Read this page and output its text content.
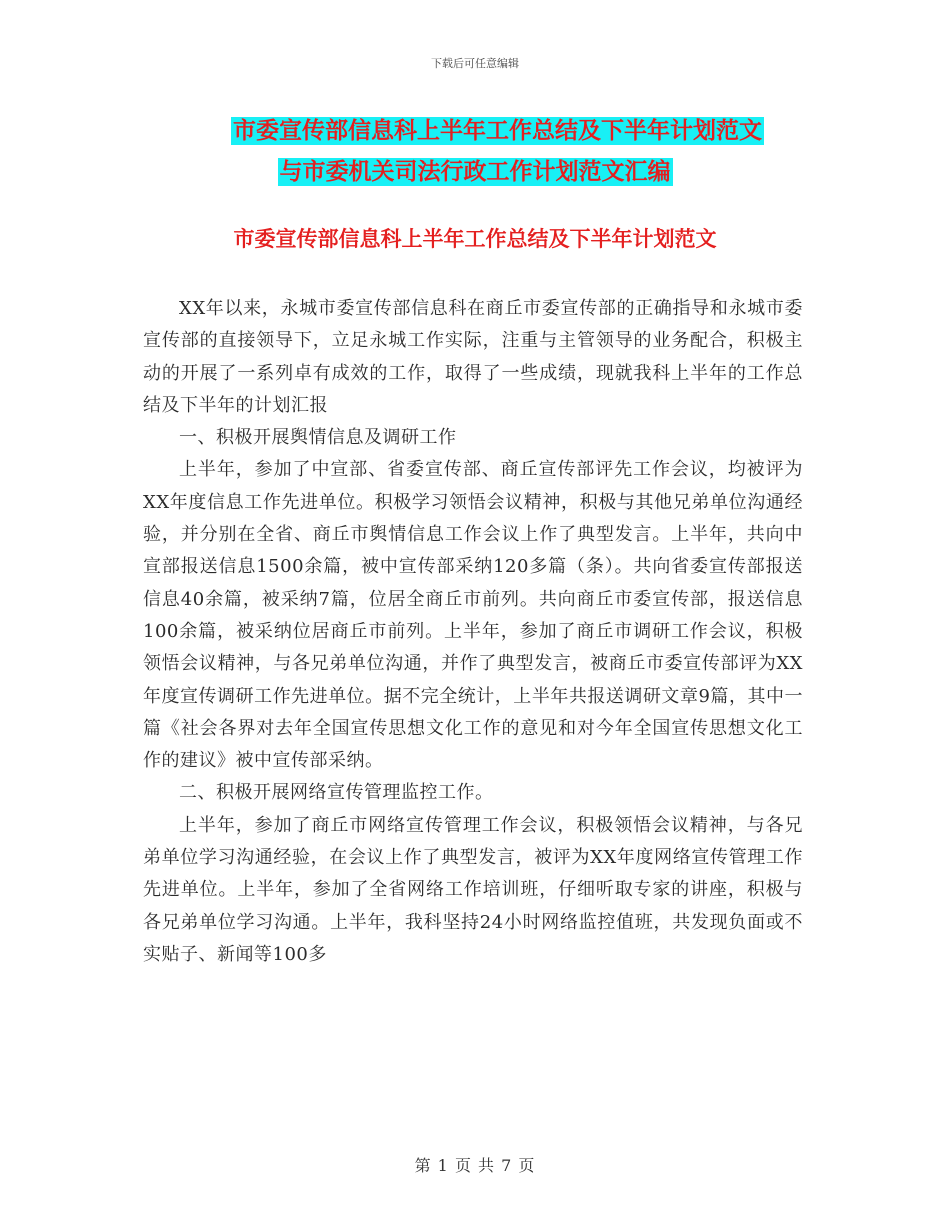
下载后可任意编辑
市委宣传部信息科上半年工作总结及下半年计划范文
与市委机关司法行政工作计划范文汇编
市委宣传部信息科上半年工作总结及下半年计划范文

XX年以来，永城市委宣传部信息科在商丘市委宣传部的正确指导和永城市委宣传部的直接领导下，立足永城工作实际，注重与主管领导的业务配合，积极主动的开展了一系列卓有成效的工作，取得了一些成绩，现就我科上半年的工作总结及下半年的计划汇报

一、积极开展舆情信息及调研工作

上半年，参加了中宣部、省委宣传部、商丘宣传部评先工作会议，均被评为XX年度信息工作先进单位。积极学习领悟会议精神，积极与其他兄弟单位沟通经验，并分别在全省、商丘市舆情信息工作会议上作了典型发言。上半年，共向中宣部报送信息1500余篇，被中宣传部采纳120多篇（条）。共向省委宣传部报送信息40余篇，被采纳7篇，位居全商丘市前列。共向商丘市委宣传部，报送信息100余篇，被采纳位居商丘市前列。上半年，参加了商丘市调研工作会议，积极领悟会议精神，与各兄弟单位沟通，并作了典型发言，被商丘市委宣传部评为XX年度宣传调研工作先进单位。据不完全统计，上半年共报送调研文章9篇，其中一篇《社会各界对去年全国宣传思想文化工作的意见和对今年全国宣传思想文化工作的建议》被中宣传部采纳。

二、积极开展网络宣传管理监控工作。

上半年，参加了商丘市网络宣传管理工作会议，积极领悟会议精神，与各兄弟单位学习沟通经验，在会议上作了典型发言，被评为XX年度网络宣传管理工作先进单位。上半年，参加了全省网络工作培训班，仔细听取专家的讲座，积极与各兄弟单位学习沟通。上半年，我科坚持24小时网络监控值班，共发现负面或不实贴子、新闻等100多

第 1 页 共 7 页
